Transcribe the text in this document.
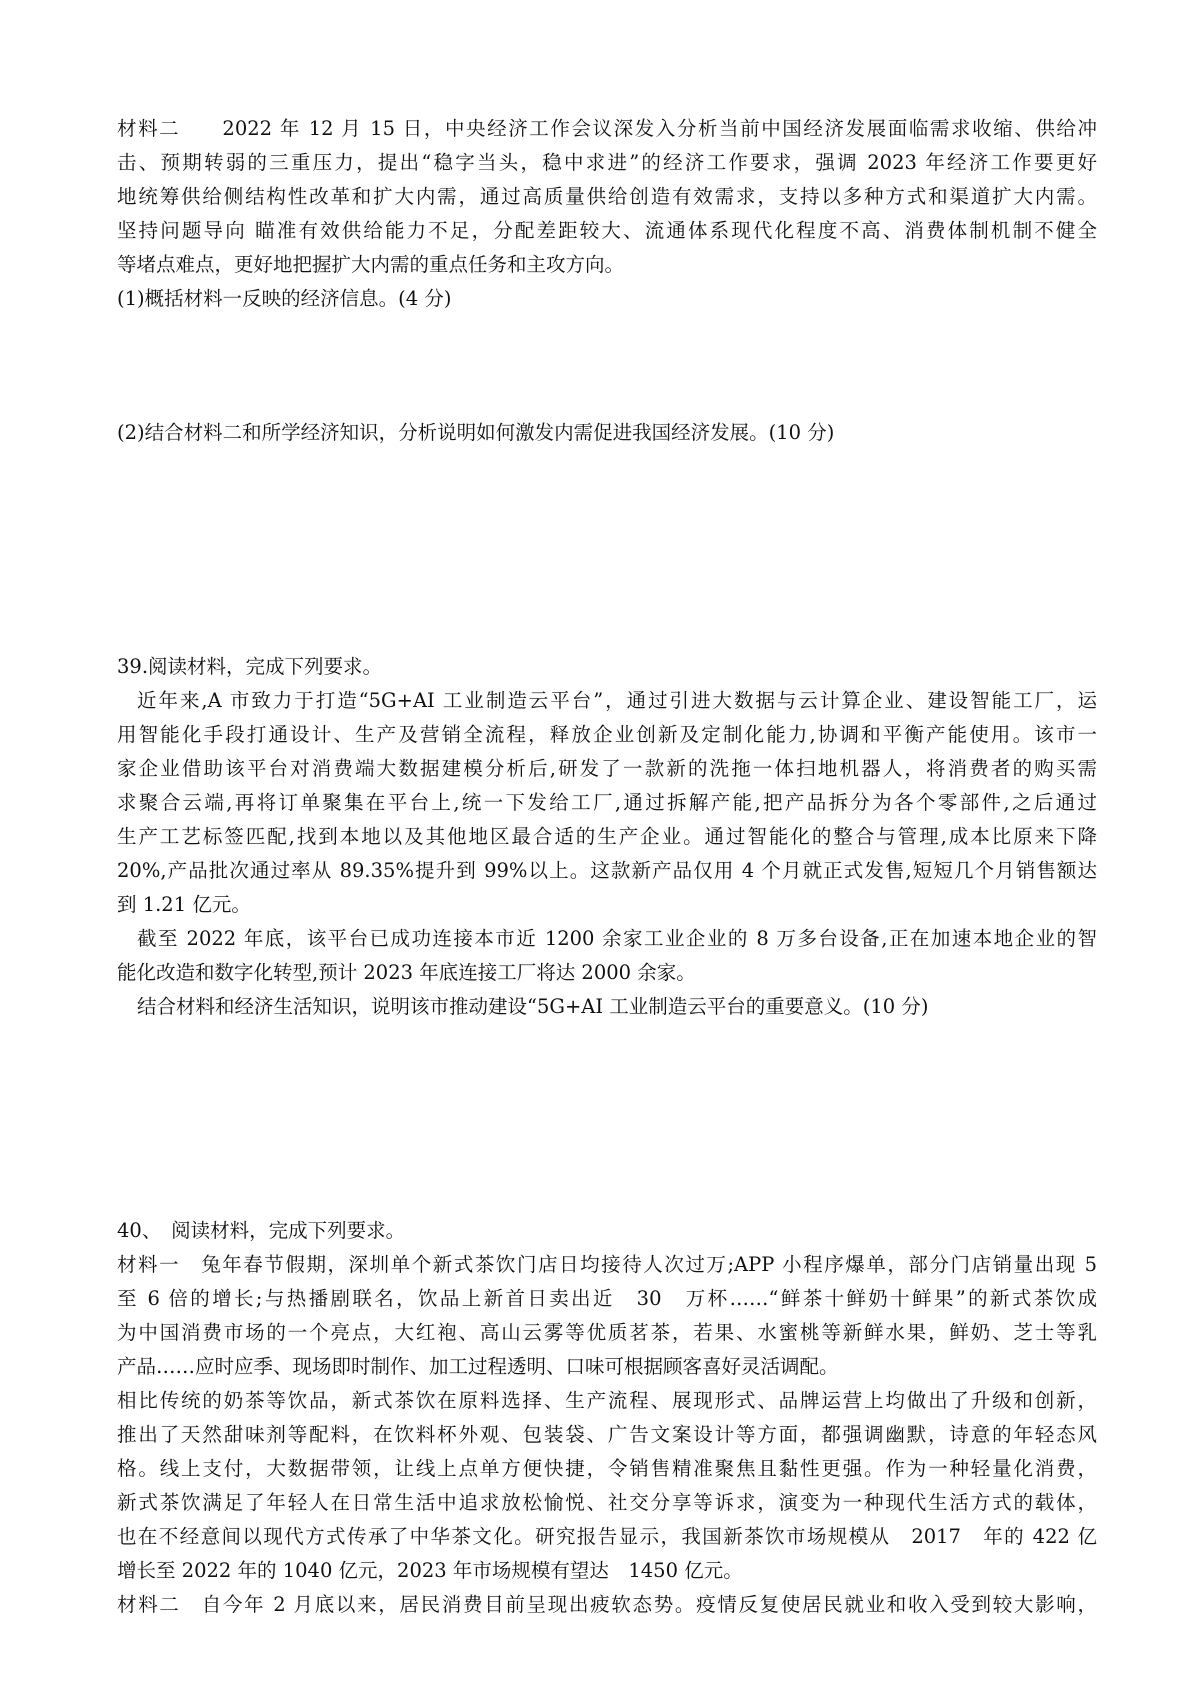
材料二　　2022 年 12 月 15 日，中央经济工作会议深发入分析当前中国经济发展面临需求收缩、供给冲
击、预期转弱的三重压力，提出“稳字当头，稳中求进”的经济工作要求，强调 2023 年经济工作要更好
地统筹供给侧结构性改革和扩大内需，通过高质量供给创造有效需求，支持以多种方式和渠道扩大内需。
坚持问题导向 瞄准有效供给能力不足，分配差距较大、流通体系现代化程度不高、消费体制机制不健全
等堵点难点，更好地把握扩大内需的重点任务和主攻方向。
(1)概括材料一反映的经济信息。(4 分)
(2)结合材料二和所学经济知识，分析说明如何激发内需促进我国经济发展。(10 分)
39.阅读材料，完成下列要求。
近年来,A 市致力于打造“5G+AI 工业制造云平台”，通过引进大数据与云计算企业、建设智能工厂，运
用智能化手段打通设计、生产及营销全流程，释放企业创新及定制化能力,协调和平衡产能使用。该市一
家企业借助该平台对消费端大数据建模分析后,研发了一款新的洗拖一体扫地机器人，将消费者的购买需
求聚合云端,再将订单聚集在平台上,统一下发给工厂,通过拆解产能,把产品拆分为各个零部件,之后通过
生产工艺标签匹配,找到本地以及其他地区最合适的生产企业。通过智能化的整合与管理,成本比原来下降
20%,产品批次通过率从 89.35%提升到 99%以上。这款新产品仅用 4 个月就正式发售,短短几个月销售额达
到 1.21 亿元。
截至 2022 年底，该平台已成功连接本市近 1200 余家工业企业的 8 万多台设备,正在加速本地企业的智
能化改造和数字化转型,预计 2023 年底连接工厂将达 2000 余家。
结合材料和经济生活知识，说明该市推动建设“5G+AI 工业制造云平台的重要意义。(10 分)
40、　阅读材料，完成下列要求。
材料一　兔年春节假期，深圳单个新式茶饮门店日均接待人次过万;APP 小程序爆单，部分门店销量出现 5
至 6 倍的增长;与热播剧联名，饮品上新首日卖出近　30　万杯……“鲜茶十鲜奶十鲜果”的新式茶饮成
为中国消费市场的一个亮点，大红袍、高山云雾等优质茗茶，若果、水蜜桃等新鲜水果，鲜奶、芝士等乳
产品……应时应季、现场即时制作、加工过程透明、口味可根据顾客喜好灵活调配。
相比传统的奶茶等饮品，新式茶饮在原料选择、生产流程、展现形式、品牌运营上均做出了升级和创新，
推出了天然甜味剂等配料，在饮料杯外观、包装袋、广告文案设计等方面，都强调幽默，诗意的年轻态风
格。线上支付，大数据带领，让线上点单方便快捷，令销售精准聚焦且黏性更强。作为一种轻量化消费，
新式茶饮满足了年轻人在日常生活中追求放松愉悦、社交分享等诉求，演变为一种现代生活方式的载体，
也在不经意间以现代方式传承了中华茶文化。研究报告显示，我国新茶饮市场规模从　2017　年的 422 亿
增长至 2022 年的 1040 亿元，2023 年市场规模有望达　1450 亿元。
材料二　自今年 2 月底以来，居民消费目前呈现出疲软态势。疫情反复使居民就业和收入受到较大影响，
